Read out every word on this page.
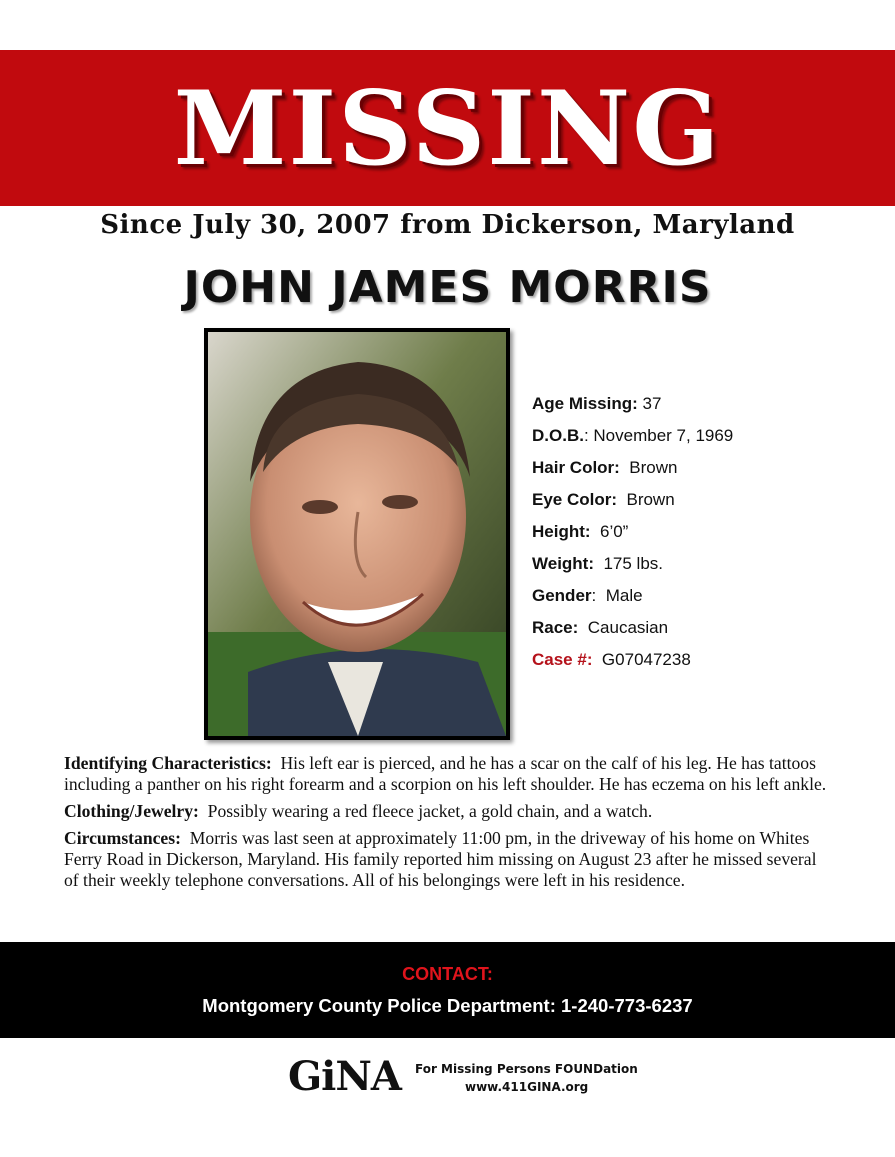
MISSING
Since July 30, 2007 from Dickerson, Maryland
JOHN JAMES MORRIS
Age Missing: 37
D.O.B.: November 7, 1969
Hair Color:  Brown
Eye Color:  Brown
Height:  6’0”
Weight:  175 lbs.
Gender:  Male
Race:  Caucasian
Case #:  G07047238

Identifying Characteristics: His left ear is pierced, and he has a scar on the calf of his leg. He has tattoos including a panther on his right forearm and a scorpion on his left shoulder. He has eczema on his left ankle.

Clothing/Jewelry: Possibly wearing a red fleece jacket, a gold chain, and a watch.

Circumstances: Morris was last seen at approximately 11:00 pm, in the driveway of his home on Whites Ferry Road in Dickerson, Maryland. His family reported him missing on August 23 after he missed several of their weekly telephone conversations. All of his belongings were left in his residence.

CONTACT:
Montgomery County Police Department: 1-240-773-6237
GiNA For Missing Persons FOUNDation
www.411GINA.org
